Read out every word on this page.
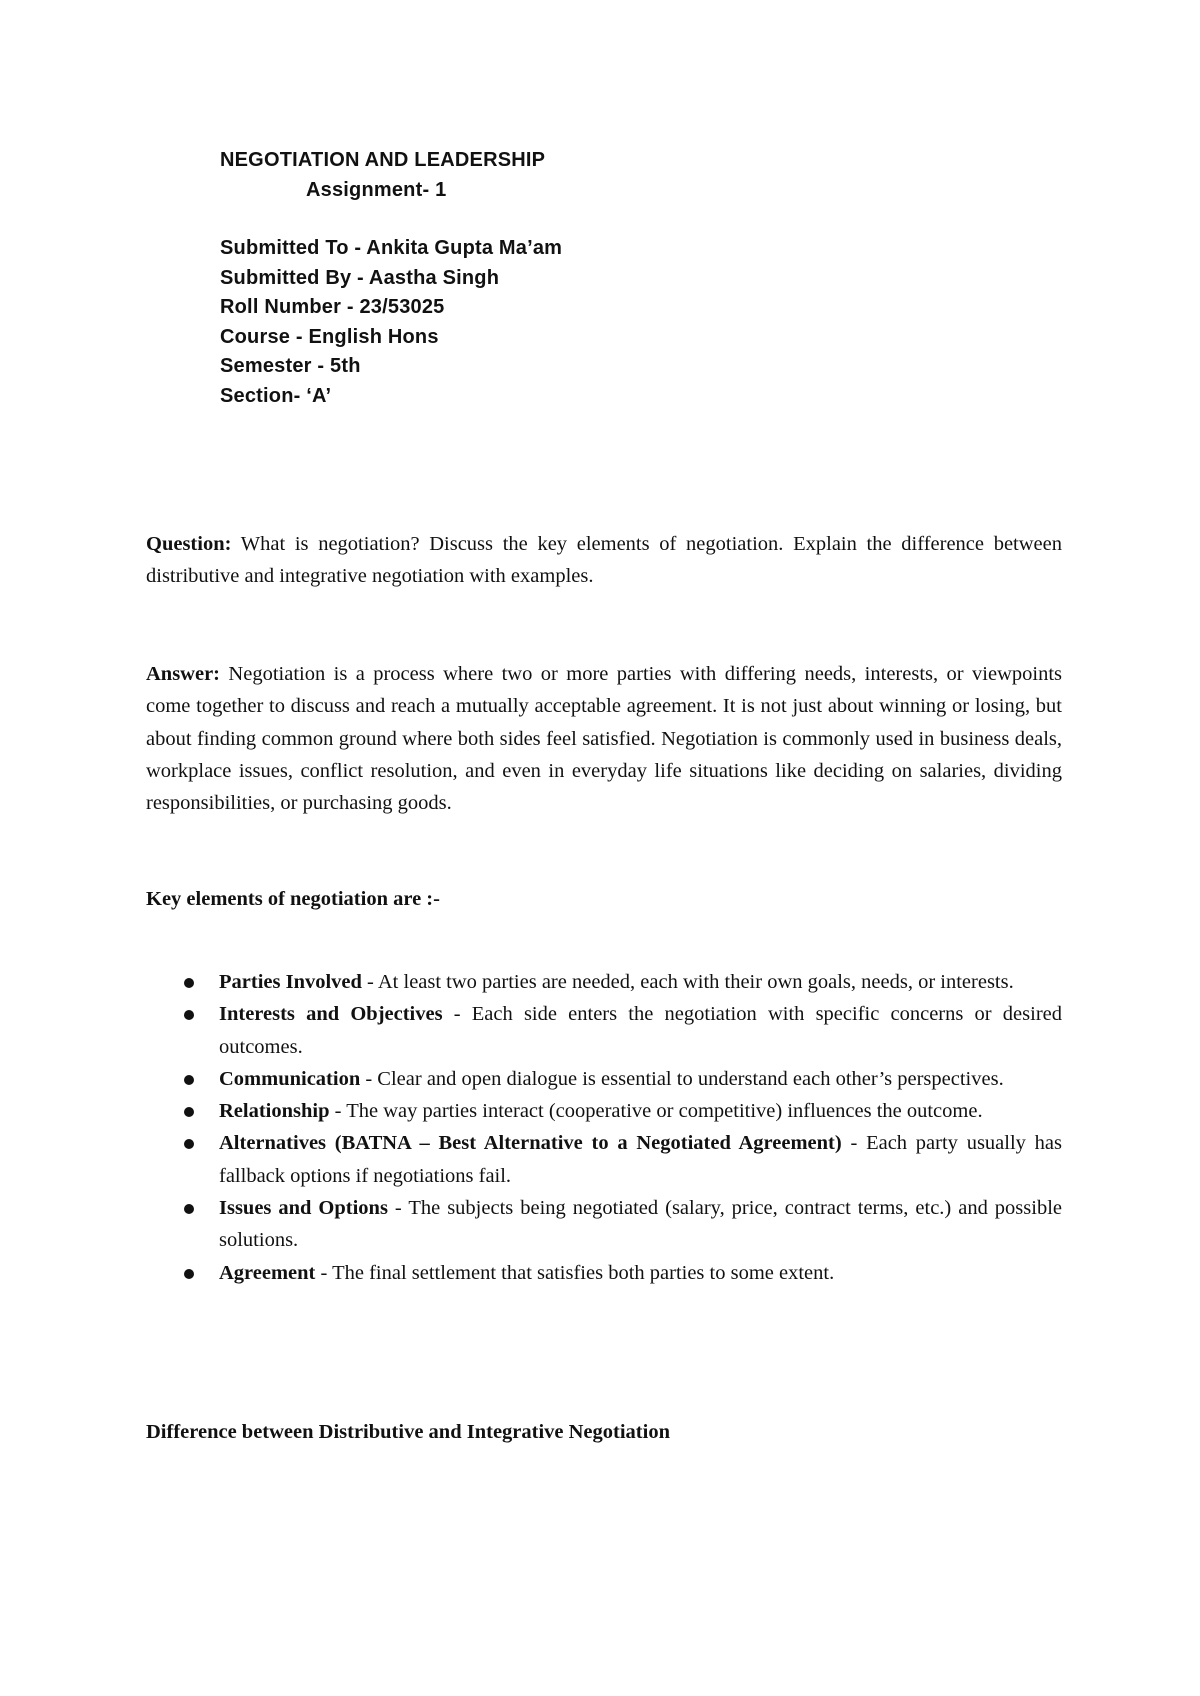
NEGOTIATION AND LEADERSHIP
Assignment- 1
Submitted To - Ankita Gupta Ma’am
Submitted By - Aastha Singh
Roll Number - 23/53025
Course - English Hons
Semester - 5th
Section- ‘A’

Question: What is negotiation? Discuss the key elements of negotiation. Explain the difference between distributive and integrative negotiation with examples.

Answer: Negotiation is a process where two or more parties with differing needs, interests, or viewpoints come together to discuss and reach a mutually acceptable agreement. It is not just about winning or losing, but about finding common ground where both sides feel satisfied. Negotiation is commonly used in business deals, workplace issues, conflict resolution, and even in everyday life situations like deciding on salaries, dividing responsibilities, or purchasing goods.

Key elements of negotiation are :-

Parties Involved - At least two parties are needed, each with their own goals, needs, or interests.
Interests and Objectives - Each side enters the negotiation with specific concerns or desired outcomes.
Communication - Clear and open dialogue is essential to understand each other’s perspectives.
Relationship - The way parties interact (cooperative or competitive) influences the outcome.
Alternatives (BATNA – Best Alternative to a Negotiated Agreement) - Each party usually has fallback options if negotiations fail.
Issues and Options - The subjects being negotiated (salary, price, contract terms, etc.) and possible solutions.
Agreement - The final settlement that satisfies both parties to some extent.

Difference between Distributive and Integrative Negotiation
